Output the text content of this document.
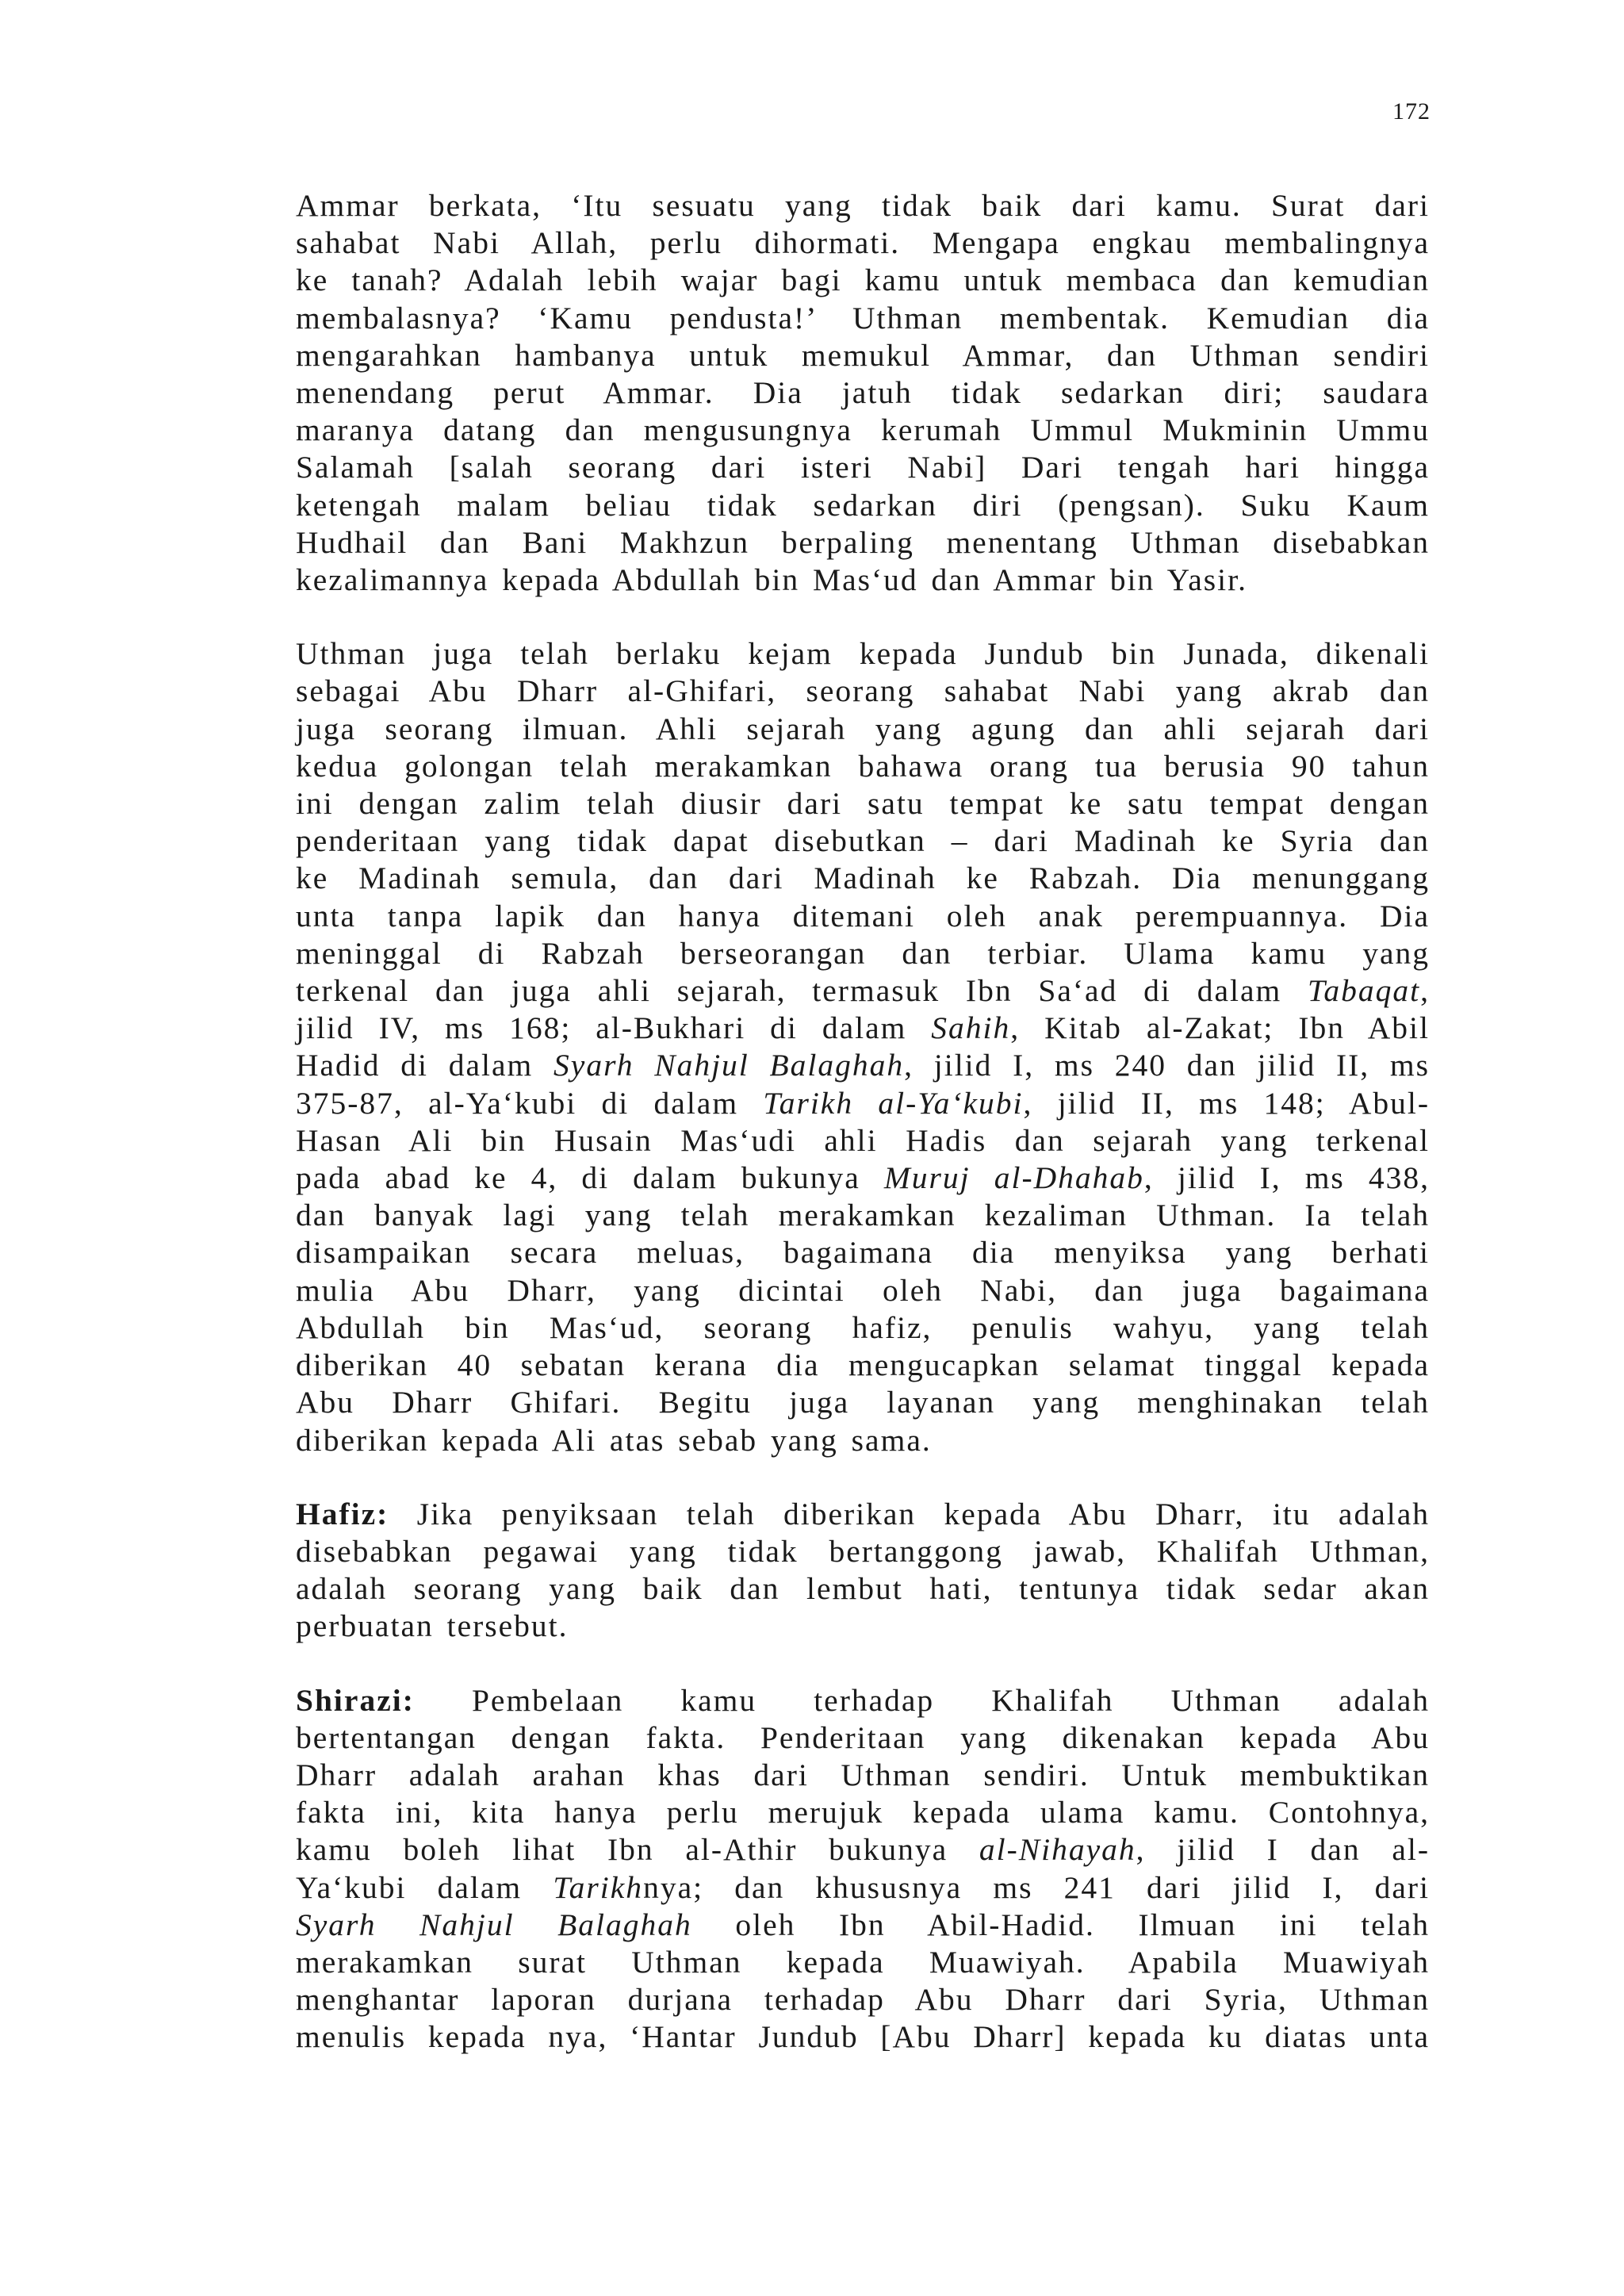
172
Ammar berkata, ‘Itu sesuatu yang tidak baik dari kamu. Surat dari
sahabat Nabi Allah, perlu dihormati. Mengapa engkau membalingnya
ke tanah? Adalah lebih wajar bagi kamu untuk membaca dan kemudian
membalasnya? ‘Kamu pendusta!’ Uthman membentak. Kemudian dia
mengarahkan hambanya untuk memukul Ammar, dan Uthman sendiri
menendang perut Ammar. Dia jatuh tidak sedarkan diri; saudara
maranya datang dan mengusungnya kerumah Ummul Mukminin Ummu
Salamah [salah seorang dari isteri Nabi] Dari tengah hari hingga
ketengah malam beliau tidak sedarkan diri (pengsan). Suku Kaum
Hudhail dan Bani Makhzun berpaling menentang Uthman disebabkan
kezalimannya kepada Abdullah bin Mas‘ud dan Ammar bin Yasir.
Uthman juga telah berlaku kejam kepada Jundub bin Junada, dikenali
sebagai Abu Dharr al-Ghifari, seorang sahabat Nabi yang akrab dan
juga seorang ilmuan. Ahli sejarah yang agung dan ahli sejarah dari
kedua golongan telah merakamkan bahawa orang tua berusia 90 tahun
ini dengan zalim telah diusir dari satu tempat ke satu tempat dengan
penderitaan yang tidak dapat disebutkan – dari Madinah ke Syria dan
ke Madinah semula, dan dari Madinah ke Rabzah. Dia menunggang
unta tanpa lapik dan hanya ditemani oleh anak perempuannya. Dia
meninggal di Rabzah berseorangan dan terbiar. Ulama kamu yang
terkenal dan juga ahli sejarah, termasuk Ibn Sa‘ad di dalam Tabaqat,
jilid IV, ms 168; al-Bukhari di dalam Sahih, Kitab al-Zakat; Ibn Abil
Hadid di dalam Syarh Nahjul Balaghah, jilid I, ms 240 dan jilid II, ms
375-87, al-Ya‘kubi di dalam Tarikh al-Ya‘kubi, jilid II, ms 148; Abul-
Hasan Ali bin Husain Mas‘udi ahli Hadis dan sejarah yang terkenal
pada abad ke 4, di dalam bukunya Muruj al-Dhahab, jilid I, ms 438,
dan banyak lagi yang telah merakamkan kezaliman Uthman. Ia telah
disampaikan secara meluas, bagaimana dia menyiksa yang berhati
mulia Abu Dharr, yang dicintai oleh Nabi, dan juga bagaimana
Abdullah bin Mas‘ud, seorang hafiz, penulis wahyu, yang telah
diberikan 40 sebatan kerana dia mengucapkan selamat tinggal kepada
Abu Dharr Ghifari. Begitu juga layanan yang menghinakan telah
diberikan kepada Ali atas sebab yang sama.
Hafiz: Jika penyiksaan telah diberikan kepada Abu Dharr, itu adalah
disebabkan pegawai yang tidak bertanggong jawab, Khalifah Uthman,
adalah seorang yang baik dan lembut hati, tentunya tidak sedar akan
perbuatan tersebut.
Shirazi: Pembelaan kamu terhadap Khalifah Uthman adalah
bertentangan dengan fakta. Penderitaan yang dikenakan kepada Abu
Dharr adalah arahan khas dari Uthman sendiri. Untuk membuktikan
fakta ini, kita hanya perlu merujuk kepada ulama kamu. Contohnya,
kamu boleh lihat Ibn al-Athir bukunya al-Nihayah, jilid I dan al-
Ya‘kubi dalam Tarikhnya; dan khususnya ms 241 dari jilid I, dari
Syarh Nahjul Balaghah oleh Ibn Abil-Hadid. Ilmuan ini telah
merakamkan surat Uthman kepada Muawiyah. Apabila Muawiyah
menghantar laporan durjana terhadap Abu Dharr dari Syria, Uthman
menulis kepada nya, ‘Hantar Jundub [Abu Dharr] kepada ku diatas unta
